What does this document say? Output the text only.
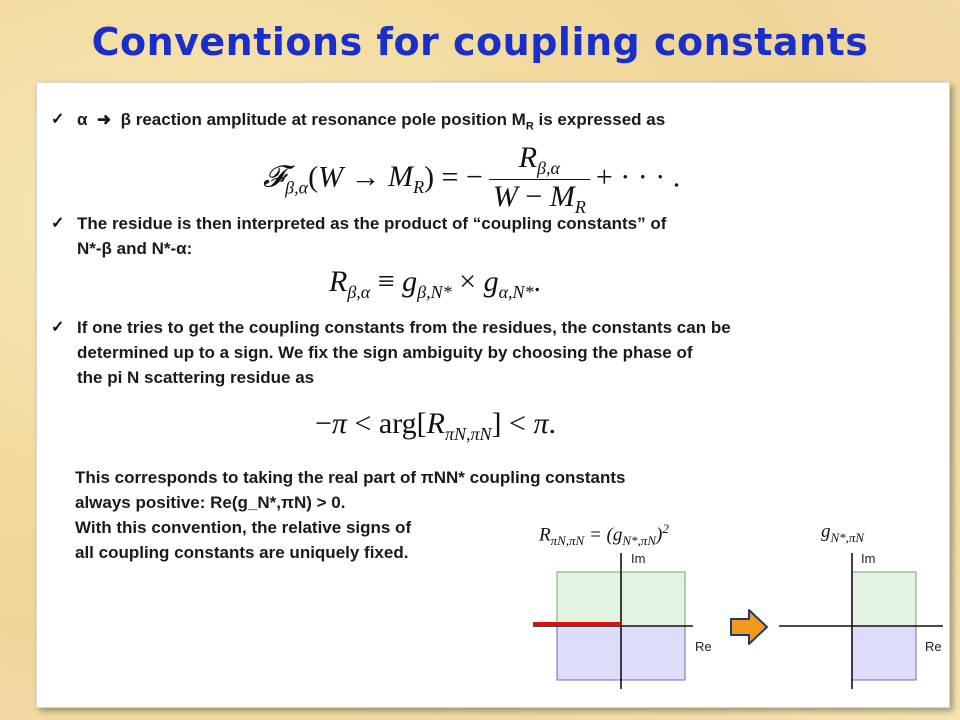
Conventions for coupling constants
✓ α  ➜  β reaction amplitude at resonance pole position $M_R$ is expressed as
𝓕$_{\beta,\alpha}$(W → $M_R$) = − $\frac{R_{\beta,\alpha}}{W - M_R}$ + · · · .
✓ The residue is then interpreted as the product of “coupling constants” of
N*-β and N*-α:
$R_{\beta,\alpha} \equiv g_{\beta,N*} \times g_{\alpha,N*}$.
✓ If one tries to get the coupling constants from the residues, the constants can be
determined up to a sign. We fix the sign ambiguity by choosing the phase of
the pi N scattering residue as
$-\pi < arg[R_{\pi N,\pi N}] < \pi$.
This corresponds to taking the real part of πNN* coupling constants
always positive: Re(g_N*,πN) > 0.
With this convention, the relative signs of
all coupling constants are uniquely fixed.
$R_{\pi N,\pi N} = (g_{N*,\pi N})^2$	$g_{N*,\pi N}$
Im
Re
Im
Re
